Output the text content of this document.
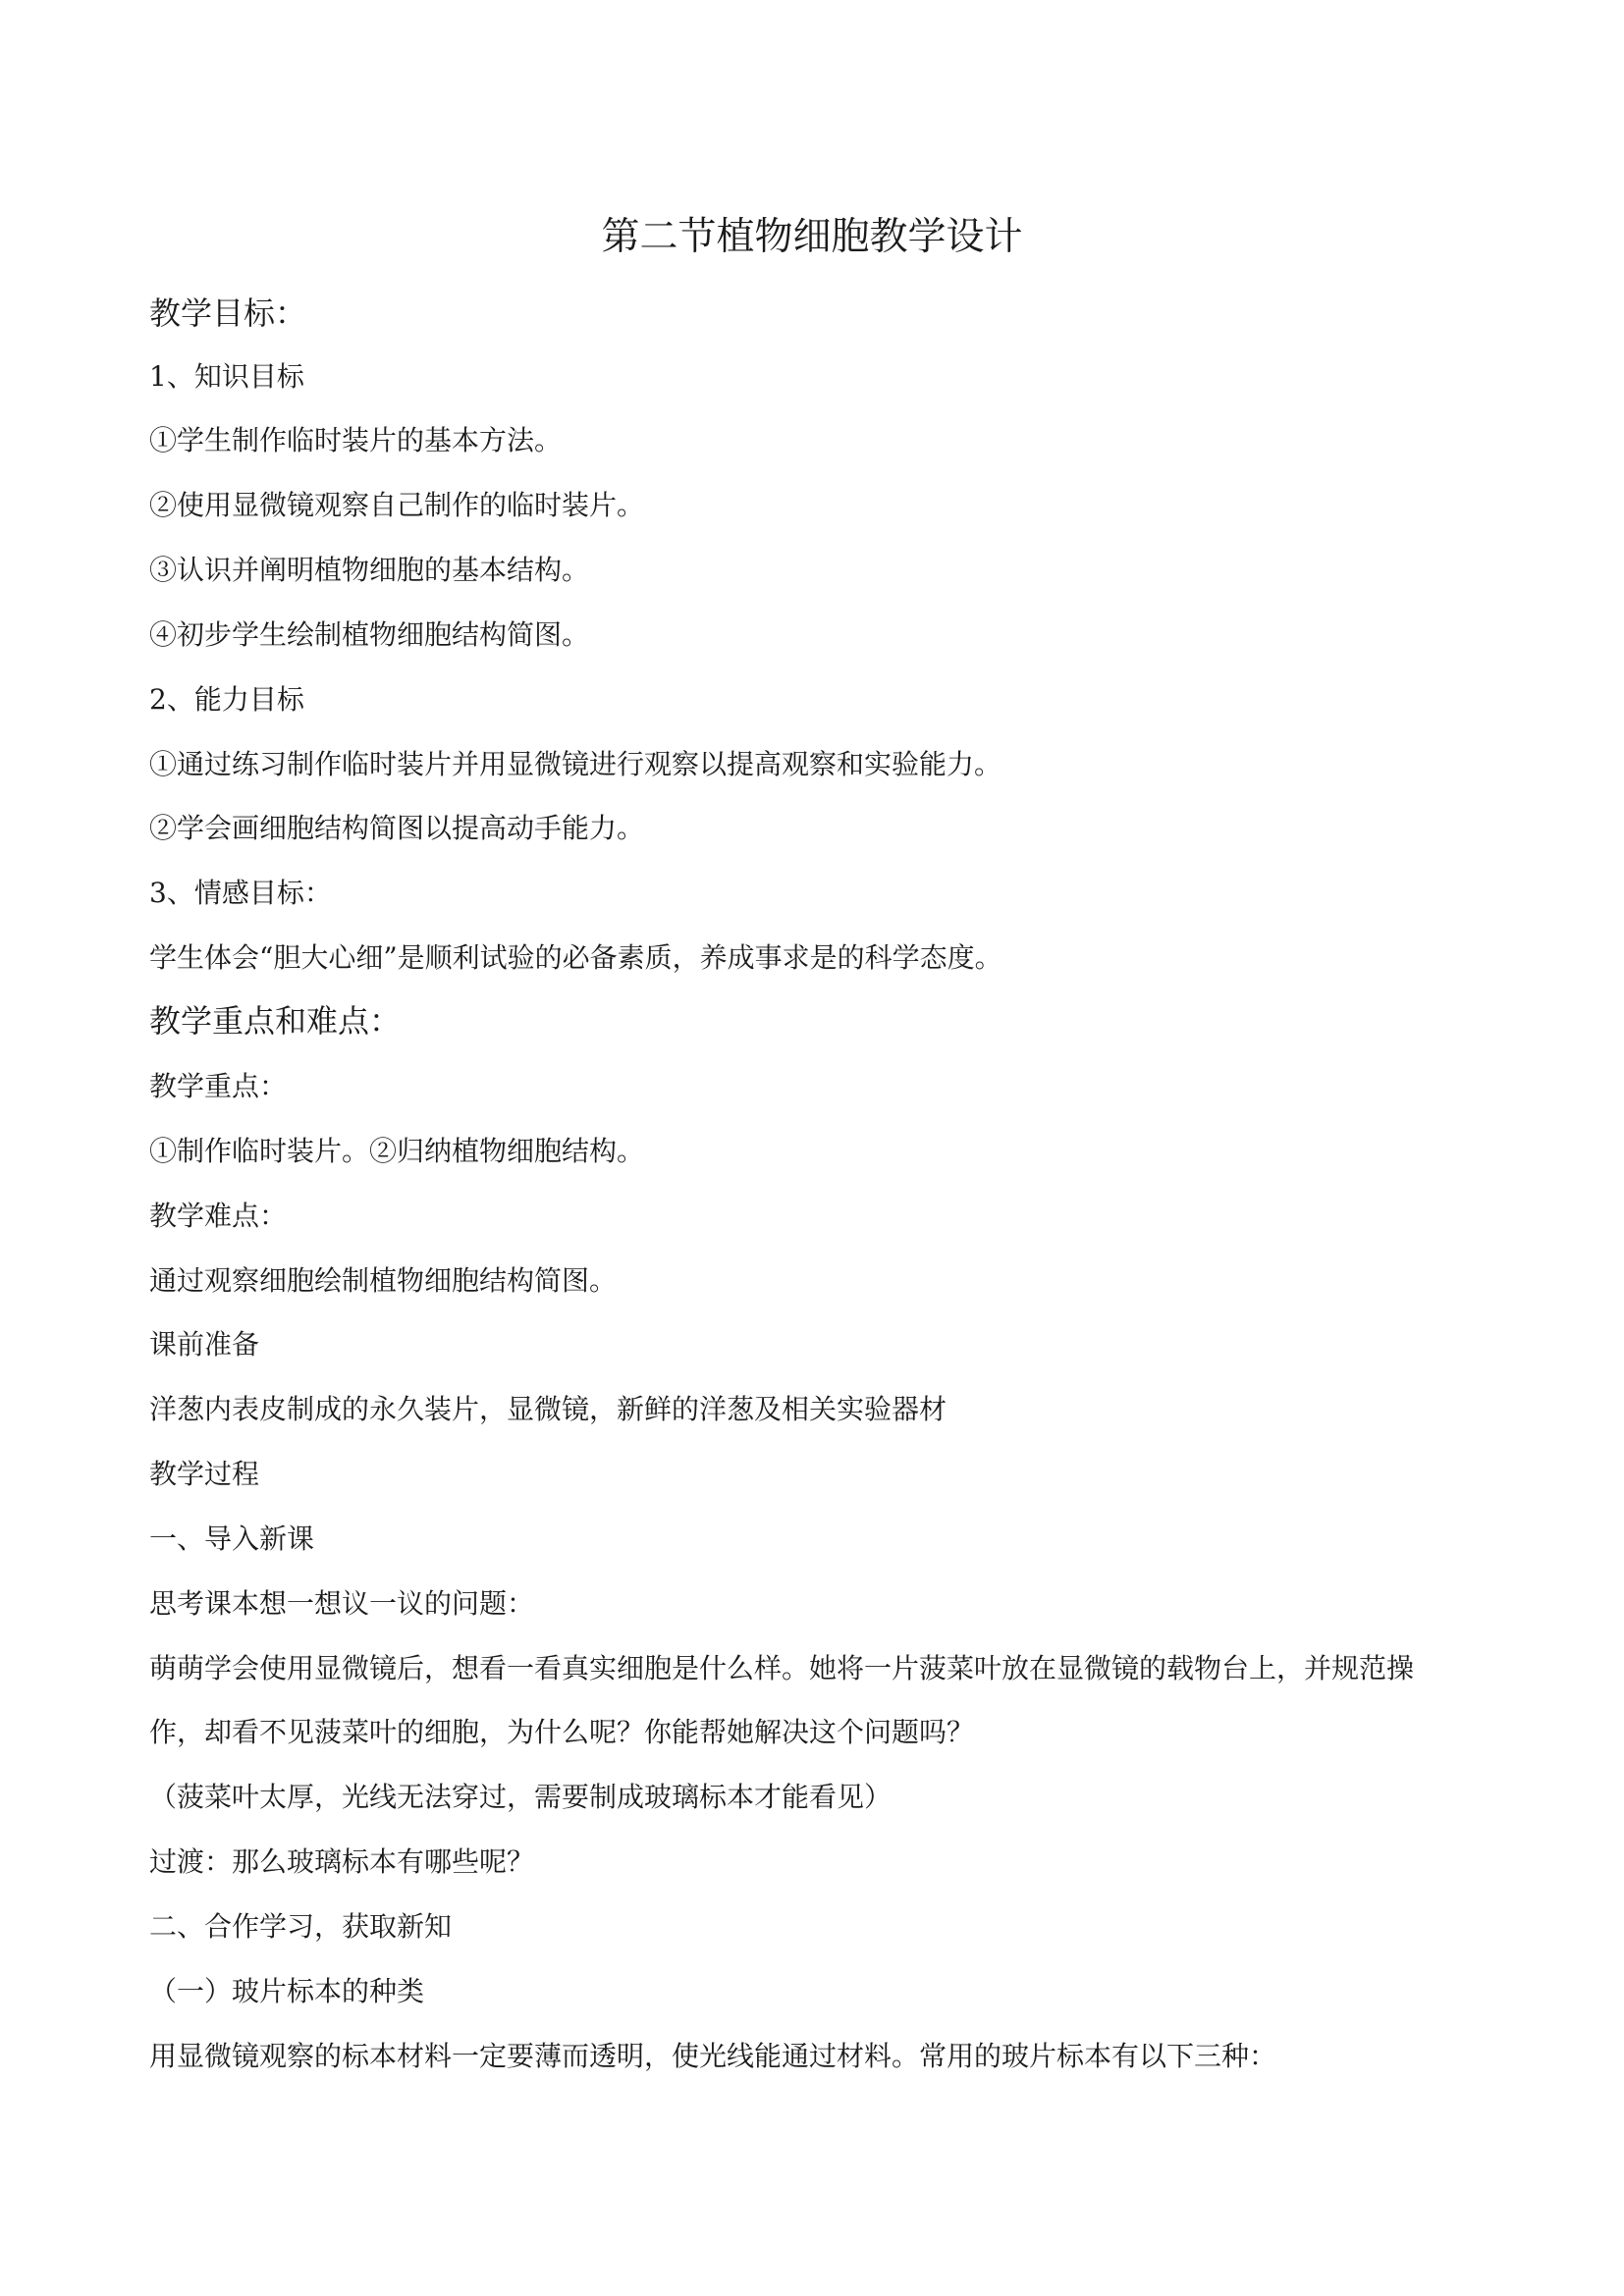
第二节植物细胞教学设计
教学目标：
1、知识目标
①学生制作临时装片的基本方法。
②使用显微镜观察自己制作的临时装片。
③认识并阐明植物细胞的基本结构。
④初步学生绘制植物细胞结构简图。
2、能力目标
①通过练习制作临时装片并用显微镜进行观察以提高观察和实验能力。
②学会画细胞结构简图以提高动手能力。
3、情感目标：
学生体会“胆大心细”是顺利试验的必备素质，养成事求是的科学态度。
教学重点和难点：
教学重点：
①制作临时装片。②归纳植物细胞结构。
教学难点：
通过观察细胞绘制植物细胞结构简图。
课前准备
洋葱内表皮制成的永久装片，显微镜，新鲜的洋葱及相关实验器材
教学过程
一、导入新课
思考课本想一想议一议的问题：
萌萌学会使用显微镜后，想看一看真实细胞是什么样。她将一片菠菜叶放在显微镜的载物台上，并规范操
作，却看不见菠菜叶的细胞，为什么呢？你能帮她解决这个问题吗？
（菠菜叶太厚，光线无法穿过，需要制成玻璃标本才能看见）
过渡：那么玻璃标本有哪些呢？
二、合作学习，获取新知
（一）玻片标本的种类
用显微镜观察的标本材料一定要薄而透明，使光线能通过材料。常用的玻片标本有以下三种：
